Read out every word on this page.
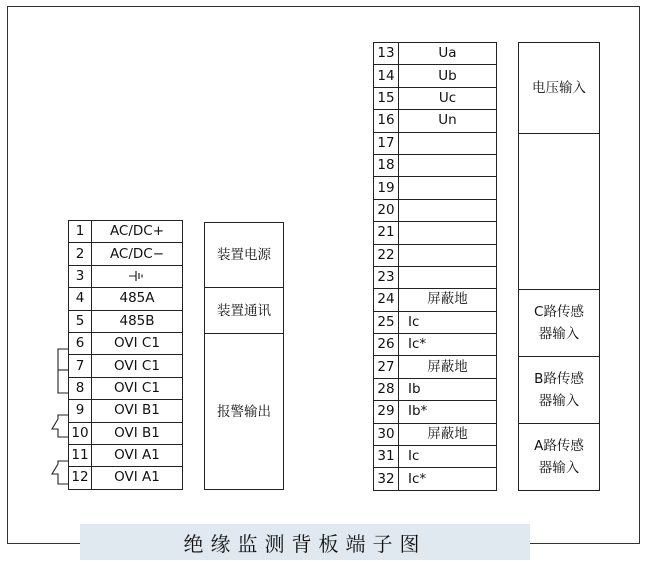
1	AC/DC+
2	AC/DC−
3	
4	485A
5	485B
6	OVI C1
7	OVI C1
8	OVI C1
9	OVI B1
10	OVI B1
11	OVI A1
12	OVI A1
装置电源
装置通讯
报警输出
13	Ua
14	Ub
15	Uc
16	Un
17	
18	
19	
20	
21	
22	
23	
24	屏蔽地
25	Ic
26	Ic*
27	屏蔽地
28	Ib
29	Ib*
30	屏蔽地
31	Ic
32	Ic*
电压输入
C路传感器输入
B路传感器输入
A路传感器输入
绝缘监测背板端子图
